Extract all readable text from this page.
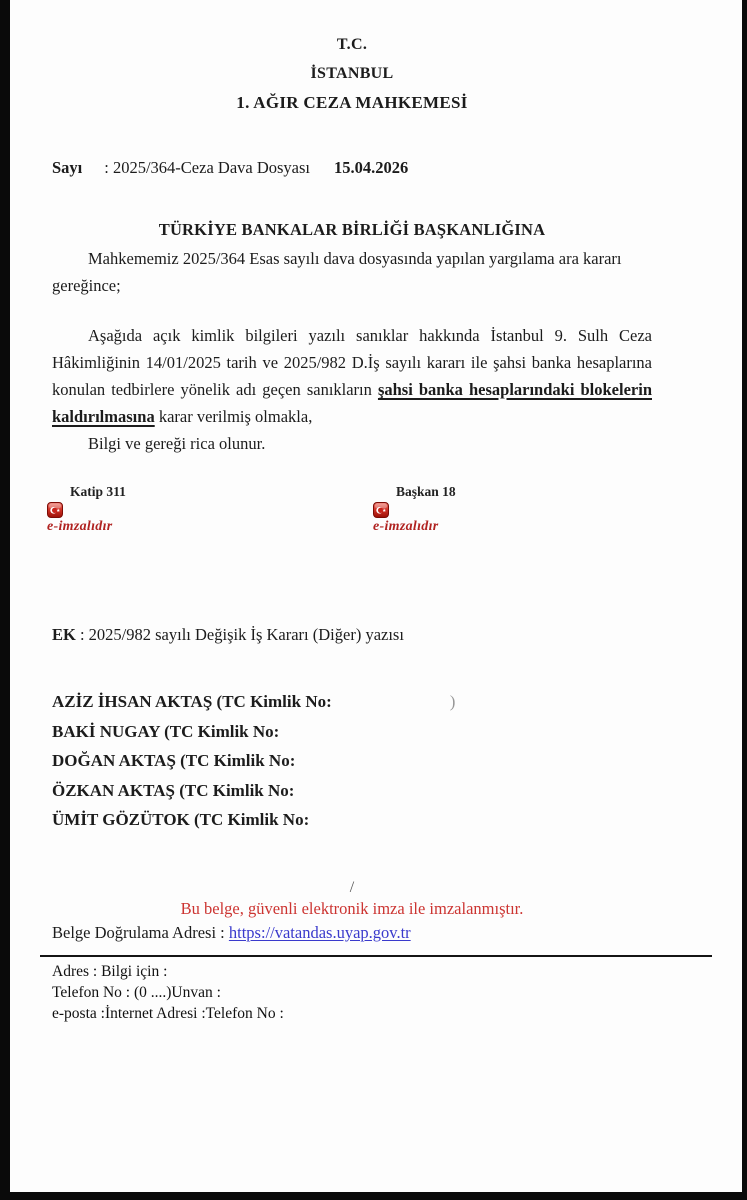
T.C.
İSTANBUL
1. AĞIR CEZA MAHKEMESİ
Sayı : 2025/364-Ceza Dava Dosyası 15.04.2026
TÜRKİYE BANKALAR BİRLİĞİ BAŞKANLIĞINA
Mahkememiz 2025/364 Esas sayılı dava dosyasında yapılan yargılama ara kararı gereğince;
Aşağıda açık kimlik bilgileri yazılı sanıklar hakkında İstanbul 9. Sulh Ceza Hâkimliğinin 14/01/2025 tarih ve 2025/982 D.İş sayılı kararı ile şahsi banka hesaplarına konulan tedbirlere yönelik adı geçen sanıkların şahsi banka hesaplarındaki blokelerin kaldırılmasına karar verilmiş olmakla,
Bilgi ve gereği rica olunur.
Katip 311
e-imzalıdır
Başkan 18
e-imzalıdır
EK : 2025/982 sayılı Değişik İş Kararı (Diğer) yazısı
AZİZ İHSAN AKTAŞ (TC Kimlik No:	)
BAKİ NUGAY (TC Kimlik No:
DOĞAN AKTAŞ (TC Kimlik No:
ÖZKAN AKTAŞ (TC Kimlik No:
ÜMİT GÖZÜTOK (TC Kimlik No:
/
Bu belge, güvenli elektronik imza ile imzalanmıştır.
Belge Doğrulama Adresi : https://vatandas.uyap.gov.tr
Adres : Bilgi için :
Telefon No : (0 ....)Unvan :
e-posta :İnternet Adresi :Telefon No :
